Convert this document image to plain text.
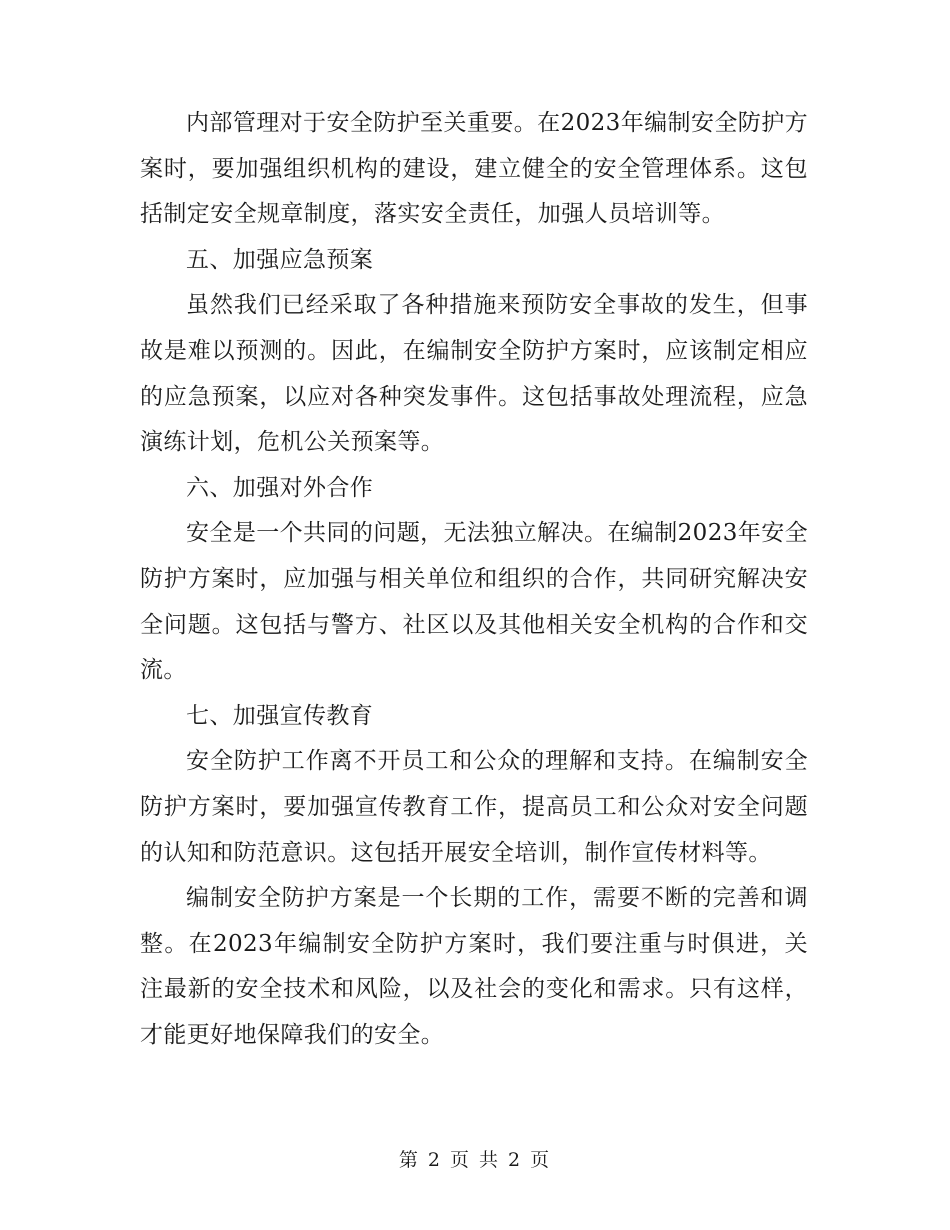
内部管理对于安全防护至关重要。在2023年编制安全防护方案时，要加强组织机构的建设，建立健全的安全管理体系。这包括制定安全规章制度，落实安全责任，加强人员培训等。

五、加强应急预案

虽然我们已经采取了各种措施来预防安全事故的发生，但事故是难以预测的。因此，在编制安全防护方案时，应该制定相应的应急预案，以应对各种突发事件。这包括事故处理流程，应急演练计划，危机公关预案等。

六、加强对外合作

安全是一个共同的问题，无法独立解决。在编制2023年安全防护方案时，应加强与相关单位和组织的合作，共同研究解决安全问题。这包括与警方、社区以及其他相关安全机构的合作和交流。

七、加强宣传教育

安全防护工作离不开员工和公众的理解和支持。在编制安全防护方案时，要加强宣传教育工作，提高员工和公众对安全问题的认知和防范意识。这包括开展安全培训，制作宣传材料等。

编制安全防护方案是一个长期的工作，需要不断的完善和调整。在2023年编制安全防护方案时，我们要注重与时俱进，关注最新的安全技术和风险，以及社会的变化和需求。只有这样，才能更好地保障我们的安全。

第 2 页 共 2 页
